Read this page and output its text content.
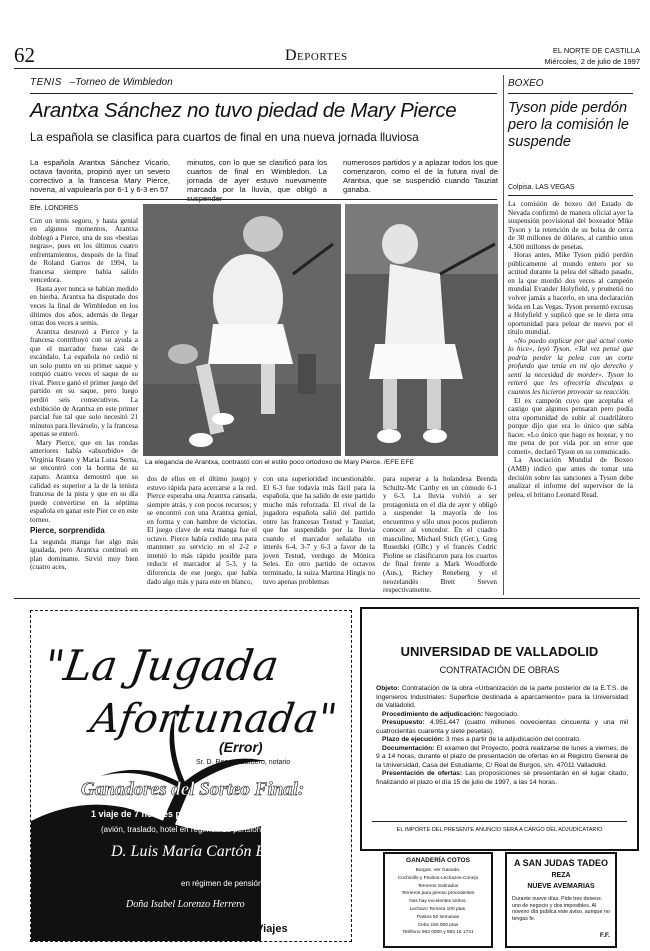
62	Deportes	EL NORTE DE CASTILLA
Miércoles, 2 de julio de 1997
TENIS –Torneo de Wimbledon
Arantxa Sánchez no tuvo piedad de Mary Pierce
La española se clasifica para cuartos de final en una nueva jornada lluviosa

La española Arantxa Sánchez Vicario, octava favorita, propinó ayer un severo correctivo a la francesa Mary Pierce, novena, al vapulearla por 6-1 y 6-3 en 57

minutos, con lo que se clasificó para los cuartos de final en Wimbledon. La jornada de ayer estuvo nuevamente marcada por la lluvia, que obligó a

numerosos partidos y a aplazar todos los que comenzaron, como el de la futura rival de Arantxa, que se suspendió cuando Tauziat ganaba.

La elegancia de Arantxa, contrastó con el estilo poco ortodoxo de Mary Pierce. /EFE EFE
Efe. LONDRES

Con un tenis seguro, y hasta genial en algunos momentos, Arantxa doblegó a Pierce, una de sus «bestias negras», pues en los últimos cuatro enfrentamientos, después de la final de Roland Garros de 1994, la francesa siempre había salido vencedora.

Hasta ayer nunca se habían medido en hierba. Arantxa ha disputado dos veces la final de Wimbledon en los últimos dos años, además de llegar otras dos veces a semis.

Arantxa destrozó a Pierce y la francesa contribuyó con su ayuda a que el marcador fuese casi de escándalo. La española no cedió ni un solo punto en su primer saque y rompió cuatro veces el saque de su rival. Pierce ganó el primer juego del partido en su saque, pero luego perdió seis consecutivos. La exhibición de Arantxa en este primer parcial fue tal que solo necesitó 21 minutos para llevárselo, y la francesa apenas se enteró.

Mary Pierce, que en las rondas anteriores había «absorbido» de Virginia Ruano y María Luisa Serna, se encontró con la horma de su zapato. Arantxa demostró que su calidad es superior a la de la tenista francesa de la pista y que en su día puede convertirse en la séptima española en ganar este Pier ce en este torneo.

Pierce, sorprendida

La segunda manga fue algo más igualada, pero Arantxa continuó en plan dominante. Sirvió muy bien (cuatro aces,

dos de ellos en el último juego) y estuvo rápida para acercarse a la red. Pierce esperaba una Arantxa cansada, siempre atrás, y con pocos recursos; y se encontró con una Arantxa genial, en forma y con hambre de victorias. El juego clave de esta manga fue el octavo. Pierce había cedido una para mantener su servicio en el 2-2 e intentó lo más rápido posible para reducir el marcador al 5-3, y la diferencia de ese juego, que había dado algo más y para este en blanco,

con una superioridad incuestionable. El 6-3 fue todavía más fácil para la española, que ha salido de este partido mucho más reforzada. El rival de la jugadora española salió del partido entre las francesas Testud y Tauziat, que fue suspendido por la lluvia cuando el marcador señalaba un interés 6-4, 3-7 y 6-3 a favor de la joven Testud, verdugo de Mónica Seles. En otro partido de octavos terminado, la suiza Martina Hingis no tuvo apenas problemas

para superar a la holandesa Brenda Schultz-Mc Carthy en un cómodo 6-1 y 6-3. La lluvia volvió a ser protagonista en el día de ayer y obligó a suspender la mayoría de los encuentros y sólo unos pocos pudieron conocer al vencedor. En el cuadro masculino, Michael Stich (Ger.), Greg Rusedski (GBr.) y el francés Cedric Pioline se clasificaron para los cuartos de final frente a Mark Woodforde (Aus.), Richey Reneberg y el neozelandés Brett Steven respectivamente.

BOXEO
Tyson pide perdón pero la comisión le suspende
Colpisa. LAS VEGAS

La comisión de boxeo del Estado de Nevada confirmó de manera oficial ayer la suspensión provisional del boxeador Mike Tyson y la retención de su bolsa de cerca de 30 millones de dólares, al cambio unos 4.500 millones de pesetas.

Horas antes, Mike Tyson pidió perdón públicamente al mundo entero por su actitud durante la pelea del sábado pasado, en la que mordió dos veces al campeón mundial Evander Holyfield, y prometió no volver jamás a hacerlo, en una declaración leída en Las Vegas. Tyson presentó excusas a Holyfield y suplicó que se le diera otra oportunidad para pelear de nuevo por el título mundial.

«No puedo explicar por qué actué como lo hice», leyó Tyson. «Tal vez pensé que podría perder la pelea con un corte profundo que tenía en mi ojo derecho y sentí la necesidad de morder». Tyson lo reiteró que les ofrecería disculpas a cuantos les hicieron provocar su reacción.

El ex campeón cuyo que aceptaba el castigo que algunos pensaran pero podía otra oportunidad de subir al cuadrilátero porque dijo que era lo único que sabía hacer. «Lo único que hago es boxear, y no me pena de por vida por un error que cometí», declaró Tyson en su comunicado.

La Asociación Mundial de Boxeo (AMB) indicó que antes de tomar una decisión sobre las sanciones a Tyson debe analizar el informe del supervisor de la pelea, el britano Leonard Read.

"La Jugada
Afortunada"
(Error)
Sr. D. Renato Barbero, notario
Ganadores del Sorteo Final:
1 viaje de 7 noches para 2 personas al Caribe
(avión, traslado, hotel en régimen de pensión completa)
D. Luis María Cartón Bermejo
en régimen de pensión completa)
Doña Isabel Lorenzo Herrero
Viajes
UNIVERSIDAD DE VALLADOLID
CONTRATACIÓN DE OBRAS

Objeto: Contratación de la obra «Urbanización de la parte posterior de la E.T.S. de Ingenieros Industriales: Superficie destinada a aparcamiento» para la Universidad de Valladolid.

Procedimiento de adjudicación: Negociado.

Presupuesto: 4.951.447 (cuatro millones novecientas cincuenta y una mil cuatrocientas cuarenta y siete pesetas).

Plazo de ejecución: 3 mes a partir de la adjudicación del contrato.

Documentación: El examen del Proyecto, podrá realizarse de lunes a viernes, de 9 a 14 horas, durante el plazo de presentación de ofertas en el Registro General de la Universidad, Casa del Estudiante, C/ Real de Burgos, s/n. 47011 Valladolid.

Presentación de ofertas: Las proposiciones se presentarán en el lugar citado, finalizando el plazo el día 15 de julio de 1997, a las 14 horas.

EL IMPORTE DEL PRESENTE ANUNCIO SERÁ A CARGO DEL ADJUDICATARIO
GANADERÍA COTOS
Burgos. Ver Ganado.
Cochinillo y Pavitos-Lechazos-Conejo
Terneros Sobrados
Terneros para pienso procedentes
Nos hay excelentes toritos.
Lechazo Ternera 100 ptas.
Pastos 50 semanas
Cebo 150.000 ptas
Teléfono 983 0000 y 983 16 1741
A SAN JUDAS TADEO
REZA
NUEVE AVEMARIAS
Durante nueve días. Pide tres deseos: uno de negocio y dos imposibles. Al noveno día publica este aviso, aunque no tengas fe.
F.F.
